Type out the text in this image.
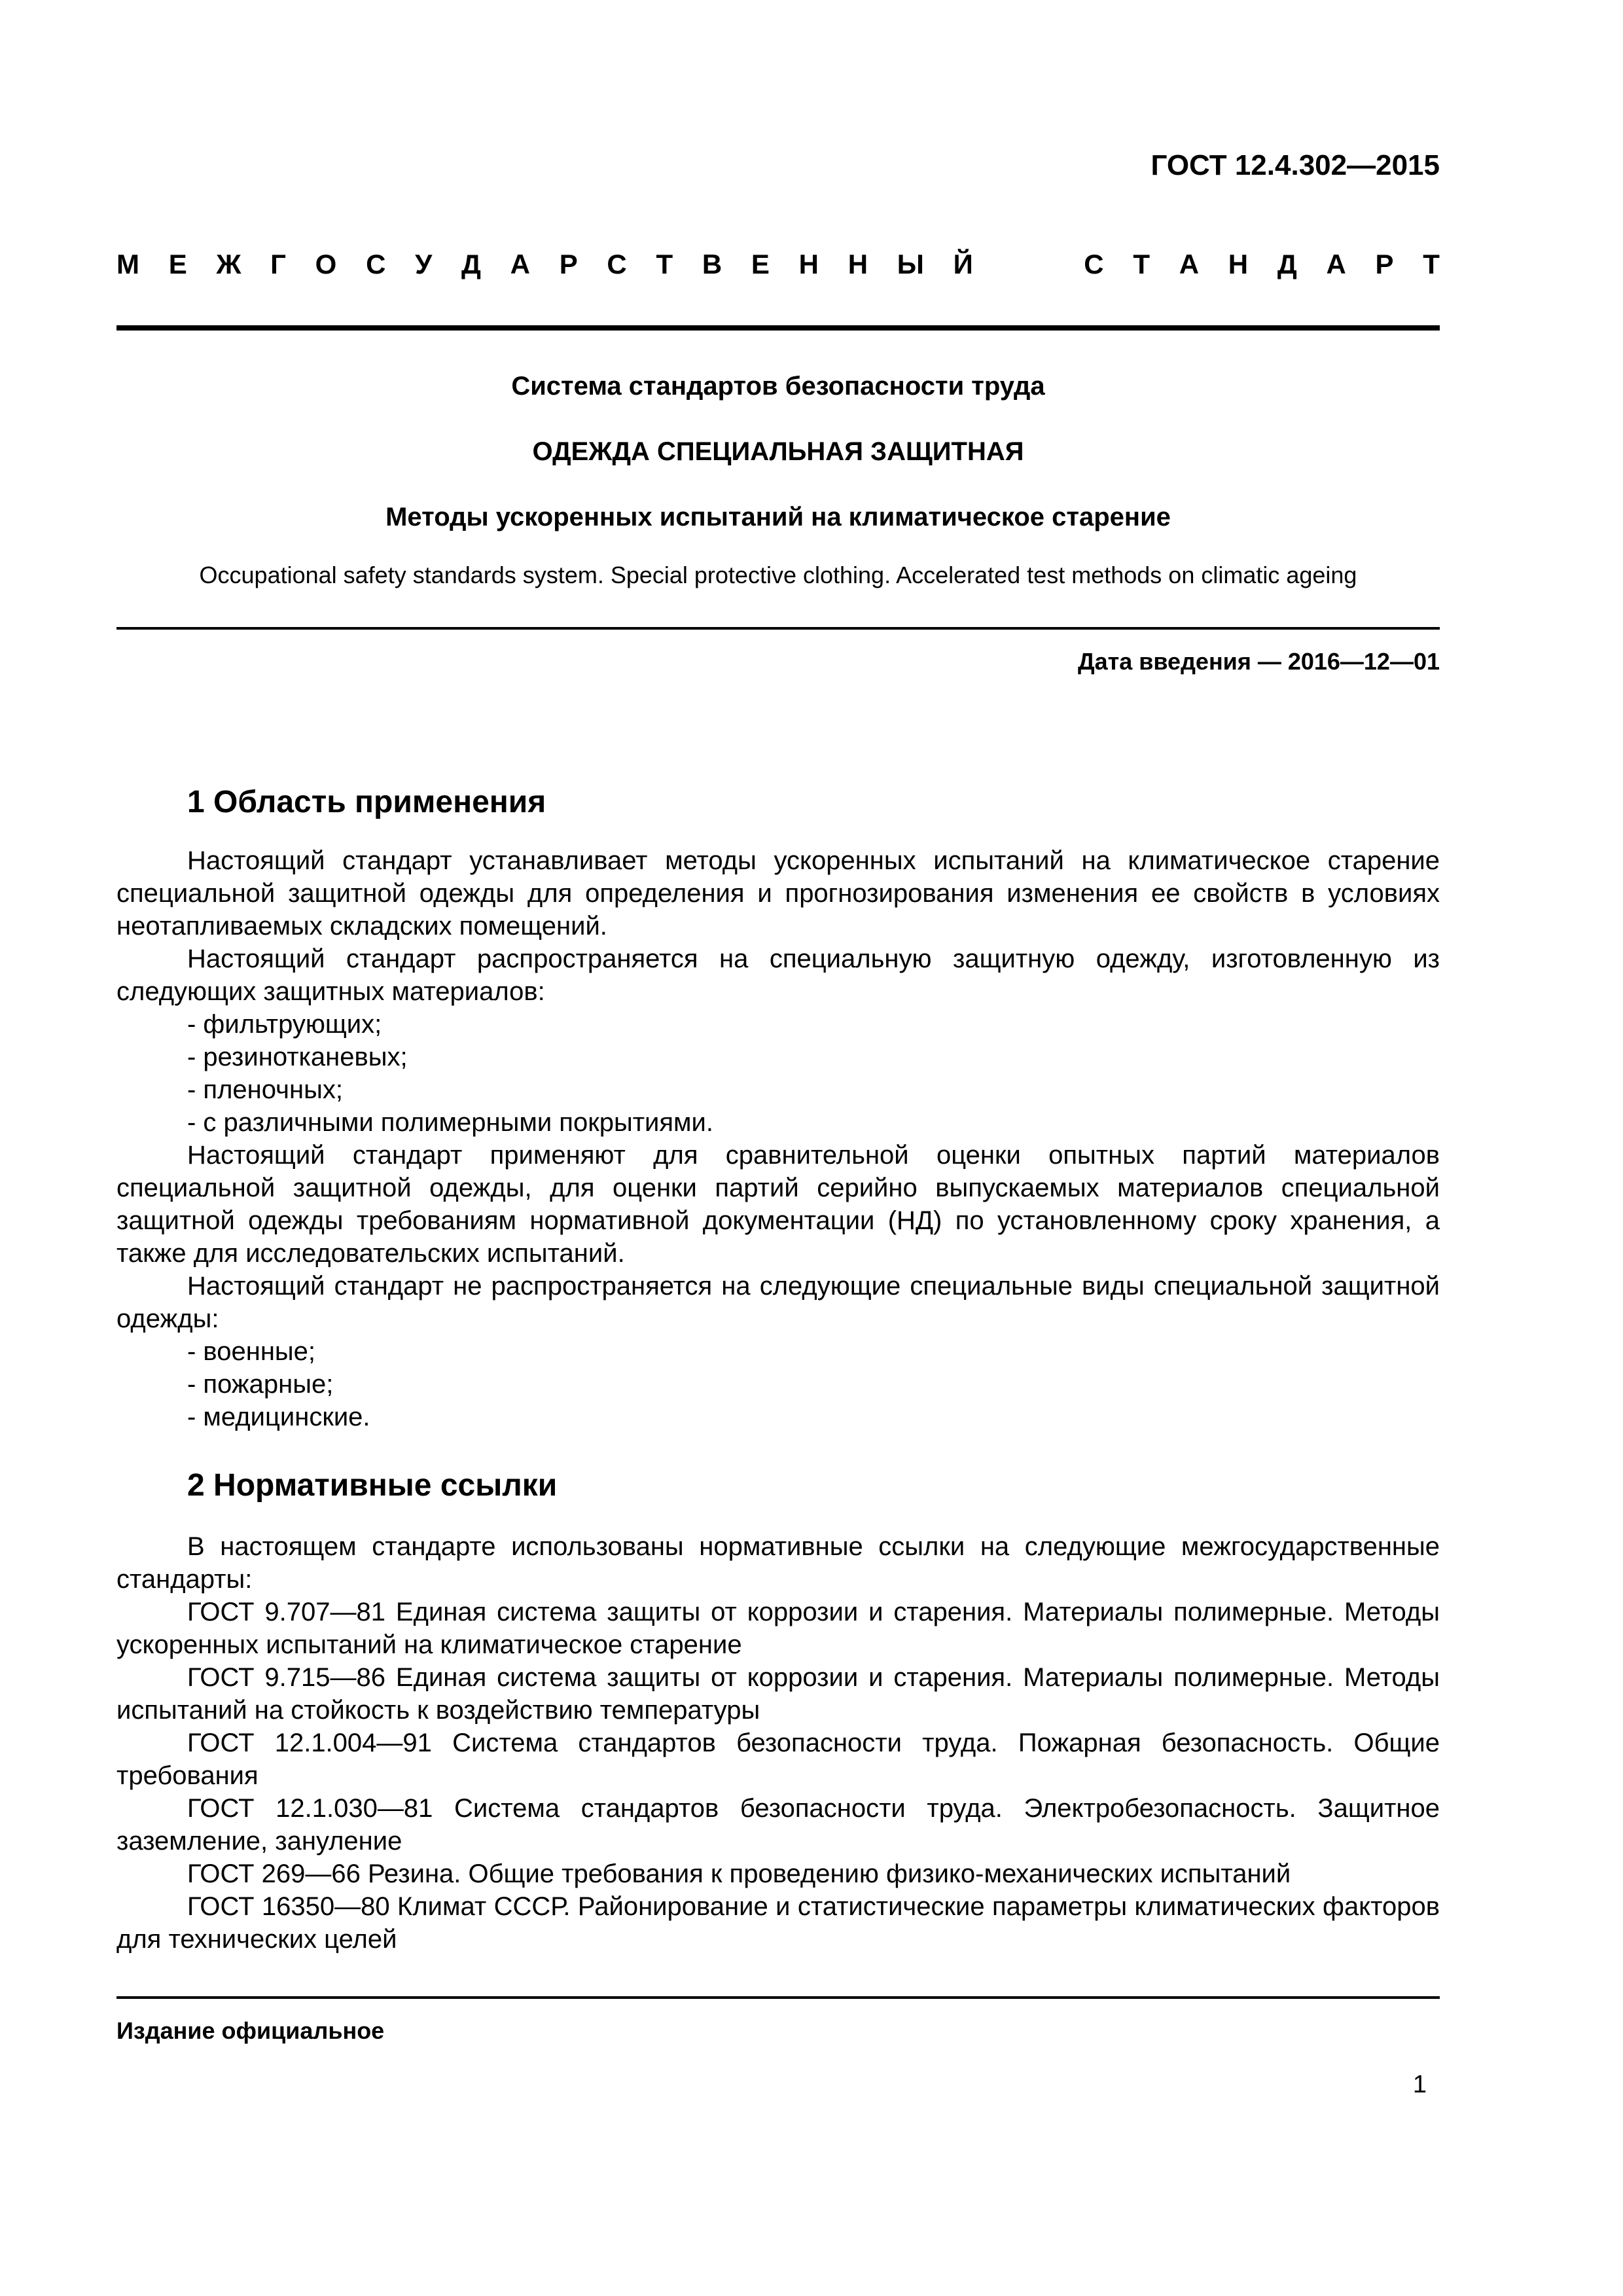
ГОСТ 12.4.302—2015
М Е Ж Г О С У Д А Р С Т В Е Н Н Ы Й	С Т А Н Д А Р Т
Система стандартов безопасности труда
ОДЕЖДА СПЕЦИАЛЬНАЯ ЗАЩИТНАЯ
Методы ускоренных испытаний на климатическое старение
Occupational safety standards system. Special protective clothing. Accelerated test methods on climatic ageing
Дата введения — 2016—12—01
1 Область применения
Настоящий стандарт устанавливает методы ускоренных испытаний на климатическое старение специальной защитной одежды для определения и прогнозирования изменения ее свойств в условиях неотапливаемых складских помещений.
Настоящий стандарт распространяется на специальную защитную одежду, изготовленную из следующих защитных материалов:
- фильтрующих;
- резинотканевых;
- пленочных;
- с различными полимерными покрытиями.
Настоящий стандарт применяют для сравнительной оценки опытных партий материалов специальной защитной одежды, для оценки партий серийно выпускаемых материалов специальной защитной одежды требованиям нормативной документации (НД) по установленному сроку хранения, а также для исследовательских испытаний.
Настоящий стандарт не распространяется на следующие специальные виды специальной защитной одежды:
- военные;
- пожарные;
- медицинские.
2 Нормативные ссылки
В настоящем стандарте использованы нормативные ссылки на следующие межгосударственные стандарты:
ГОСТ 9.707—81 Единая система защиты от коррозии и старения. Материалы полимерные. Методы ускоренных испытаний на климатическое старение
ГОСТ 9.715—86 Единая система защиты от коррозии и старения. Материалы полимерные. Методы испытаний на стойкость к воздействию температуры
ГОСТ 12.1.004—91 Система стандартов безопасности труда. Пожарная безопасность. Общие требования
ГОСТ 12.1.030—81 Система стандартов безопасности труда. Электробезопасность. Защитное заземление, зануление
ГОСТ 269—66 Резина. Общие требования к проведению физико-механических испытаний
ГОСТ 16350—80 Климат СССР. Районирование и статистические параметры климатических факторов для технических целей
Издание официальное
1
